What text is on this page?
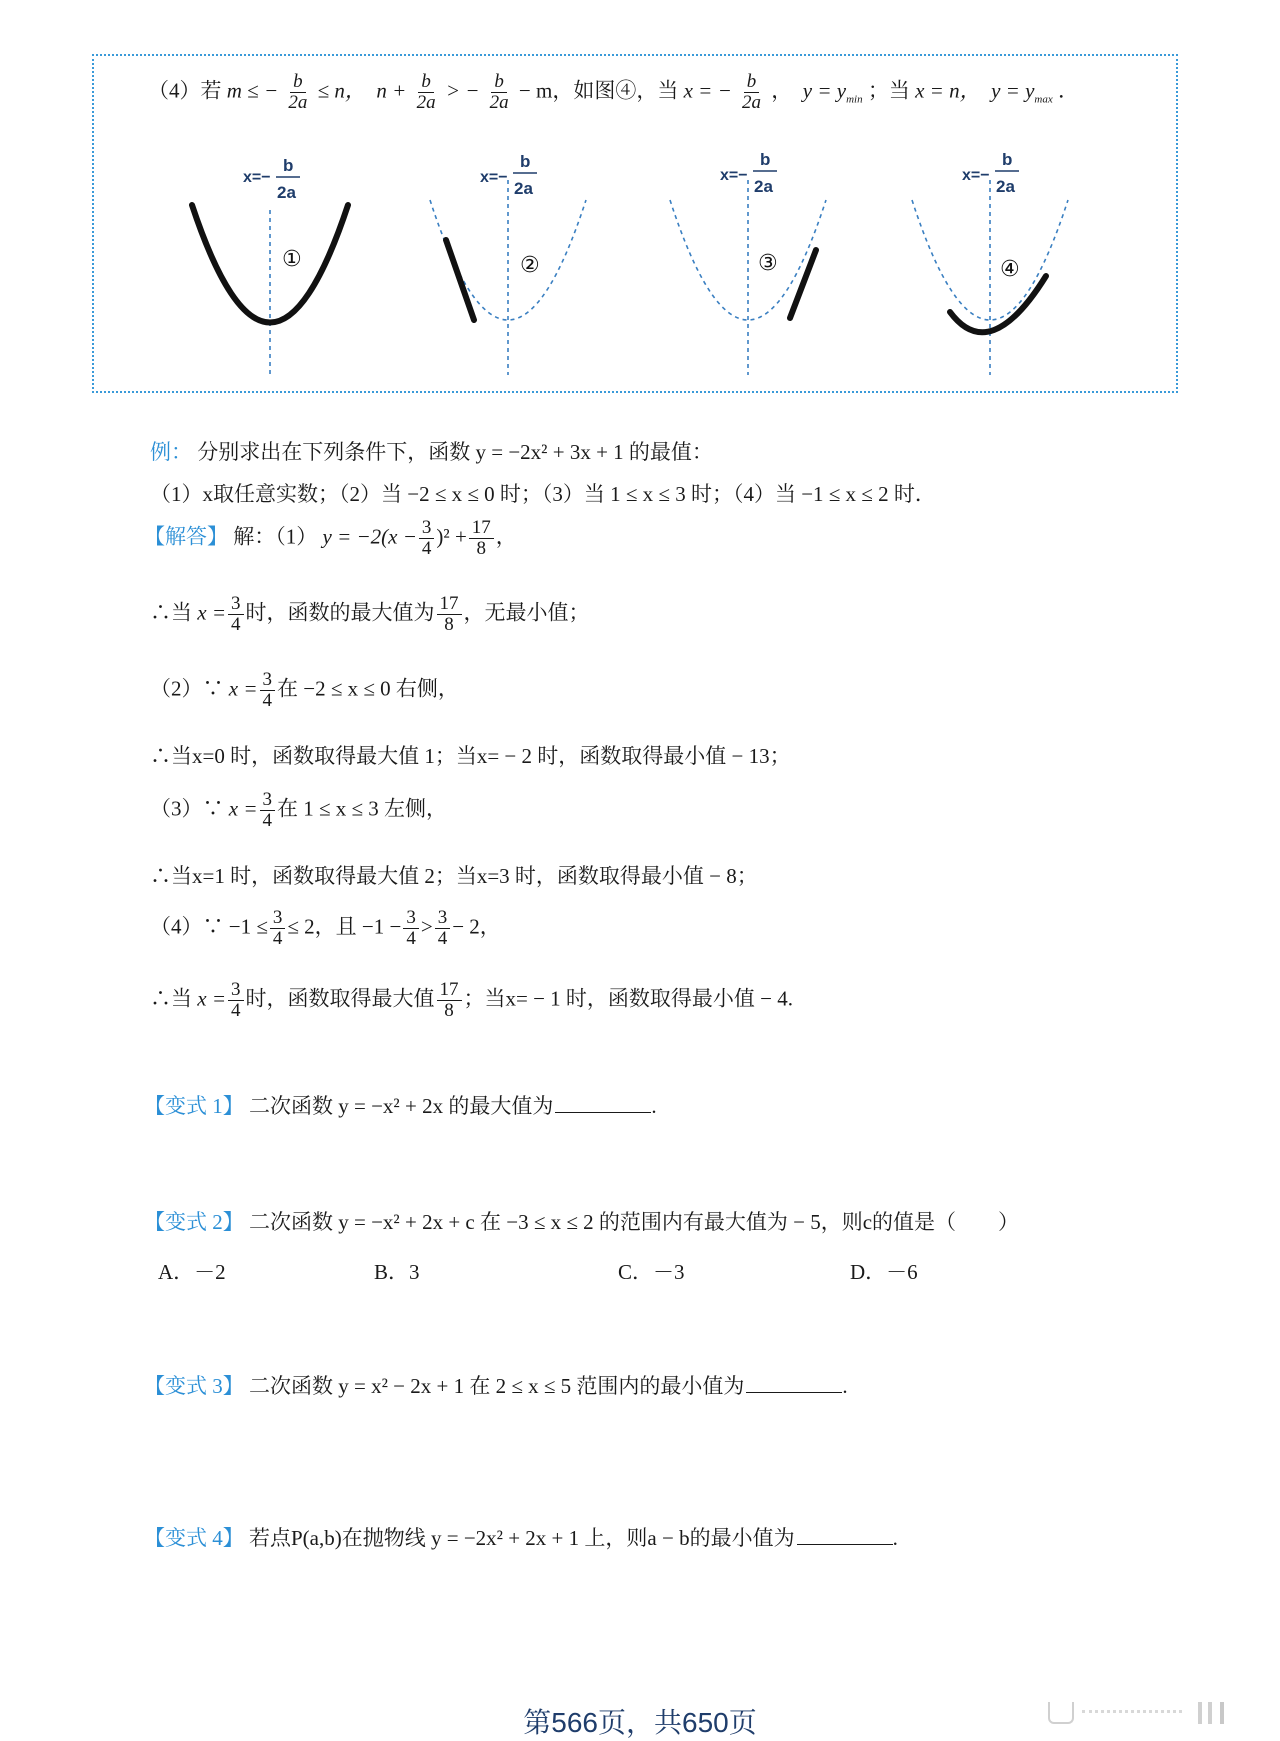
（4）若 m ≤ − $\frac{b}{2a} \le n$， $n + \frac{b}{2a}$ > − $\frac{b}{2a} - m$，如图④，当 x = − $\frac{b}{2a}$ ， $y = y_{min}$ ；当 x = n， $y = y_{max}$ ．
x=−
b
2a
①
x=−
b
2a
②
x=−
b
2a
③
x=−
b
2a
④
例： 分别求出在下列条件下，函数 y = −2x² + 3x + 1 的最值：
（1）x取任意实数；（2）当 −2 ≤ x ≤ 0 时；（3）当 1 ≤ x ≤ 3 时；（4）当 −1 ≤ x ≤ 2 时．
【解答】 解：（1） $y = -2(x - \frac{3}{4} )^2 + \frac{17}{8}$ ，
∴当 $x = \frac{3}{4}$ 时，函数的最大值为 $\frac{17}{8}$ ，无最小值；
（2）∵ $x = \frac{3}{4}$ 在 −2 ≤ x ≤ 0 右侧，
∴当x=0 时，函数取得最大值 1；当x= − 2 时，函数取得最小值 − 13；
（3）∵ $x = \frac{3}{4}$ 在 1 ≤ x ≤ 3 左侧，
∴当x=1 时，函数取得最大值 2；当x=3 时，函数取得最小值 − 8；
（4）∵ $-1 \le \frac{3}{4} \le 2$，且 $-1 - \frac{3}{4} > \frac{3}{4} - 2$，
∴当 $x = \frac{3}{4}$ 时，函数取得最大值 $\frac{17}{8}$ ；当x= − 1 时，函数取得最小值 − 4.
【变式 1】 二次函数 y = −x² + 2x 的最大值为	.
【变式 2】 二次函数 y = −x² + 2x + c 在 −3 ≤ x ≤ 2 的范围内有最大值为 − 5，则c的值是（　　）
A．－2	B．3	C．－3	D．－6
【变式 3】 二次函数 y = x² − 2x + 1 在 2 ≤ x ≤ 5 范围内的最小值为	.
【变式 4】 若点P(a,b)在抛物线 y = −2x² + 2x + 1 上，则a − b的最小值为	.
第566页，共650页
